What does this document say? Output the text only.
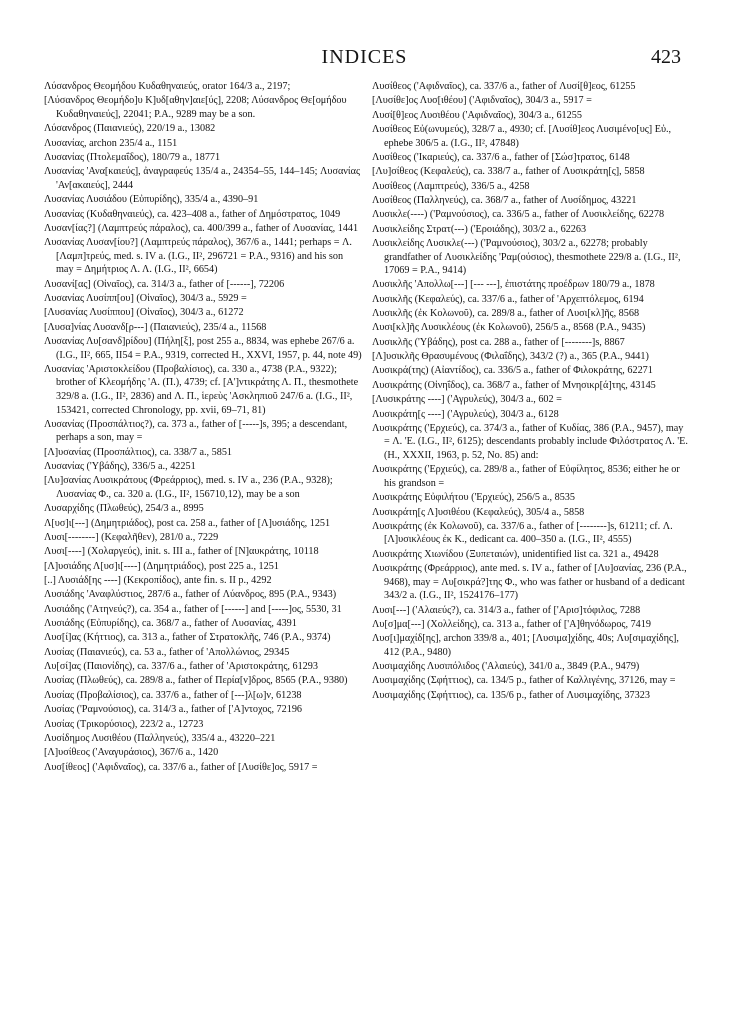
INDICES	423

Λύσανδρος Θεομήδου Κυδαθηναιεύς, orator 164/3 a., 2197;

[Λύσανδρος Θεομήδο]υ Κ]υδ[αθην]αιε[ύς], 2208; Λύσανδρος Θε[ομήδου Κυδαθηναιεύς], 22041; P.A., 9289 may be a son.

Λύσανδρος (Παιανιεύς), 220/19 a., 13082

Λυσανίας, archon 235/4 a., 1151

Λυσανίας (Πτολεμαΐδος), 180/79 a., 18771

Λυσανίας 'Ανα[καιεύς], ἀναγραφεύς 135/4 a., 24354–55, 144–145; Λυσανίας 'Αν[ακαιεύς], 2444

Λυσανίας Λυσιάδου (Εὐπυρίδης), 335/4 a., 4390–91

Λυσανίας (Κυδαθηναιεύς), ca. 423–408 a., father of Δημόστρατος, 1049

Λυσαν[ίας?] (Λαμπτρεύς πάραλος), ca. 400/399 a., father of Λυσανίας, 1441

Λυσανίας Λυσαν[ίου?] (Λαμπτρεύς πάραλος), 367/6 a., 1441; perhaps = Λ. [Λαμπ]τρεύς, med. s. IV a. (I.G., II², 296721 = P.A., 9316) and his son may = Δημήτριος Λ. Λ. (I.G., II², 6654)

Λυσανί[ας] (Οἰναῖος), ca. 314/3 a., father of [------], 72206

Λυσανίας Λυσίππ[ου] (Οἰναῖος), 304/3 a., 5929 =

[Λυσανίας Λυσίππου] (Οἰναῖος), 304/3 a., 61272

[Λυσα]νίας Λυσανδ[ρ---] (Παιανιεύς), 235/4 a., 11568

Λυσανίας Λυ[σανδ]ρίδου] (Πήλη[ξ], post 255 a., 8834, was ephebe 267/6 a. (I.G., II², 665, II54 = P.A., 9319, corrected H., XXVI, 1957, p. 44, note 49)

Λυσανίας 'Αριστοκλείδου (Προβαλίσιος), ca. 330 a., 4738 (P.A., 9322); brother of Κλεομήδης 'Α. (Π.), 4739; cf. [Α']ντικράτης Λ. Π., thesmothete 329/8 a. (I.G., II², 2836) and Λ. Π., ἱερεὺς 'Ασκληπιοῦ 247/6 a. (I.G., II², 153421, corrected Chronology, pp. xvii, 69–71, 81)

Λυσανίας (Προσπάλτιος?), ca. 373 a., father of [-----]s, 395; a descendant, perhaps a son, may =

[Λ]υσανίας (Προσπάλτιος), ca. 338/7 a., 5851

Λυσανίας ('Υβάδης), 336/5 a., 42251

[Λυ]σανίας Λυσικράτους (Φρεάρριος), med. s. IV a., 236 (P.A., 9328); Λυσανίας Φ., ca. 320 a. (I.G., II², 156710,12), may be a son

Λυσαρχίδης (Πλωθεύς), 254/3 a., 8995

Λ[υσ]ι[---] (Δημητριάδος), post ca. 258 a., father of [Λ]υσιάδης, 1251

Λυσι[--------] (Κεφαλῆθεν), 281/0 a., 7229

Λυσι[----] (Χολαργεύς), init. s. III a., father of [Ν]αυκράτης, 10118

[Λ]υσιάδης Λ[υσ]ι[----] (Δημητριάδος), post 225 a., 1251

[..] Λυσιάδ[ης ----] (Κεκροπίδος), ante fin. s. II p., 4292

Λυσιάδης 'Αναφλύστιος, 287/6 a., father of Λύανδρος, 895 (P.A., 9343)

Λυσιάδης ('Ατηνεύς?), ca. 354 a., father of [------] and [-----]ος, 5530, 31

Λυσιάδης (Εὐπυρίδης), ca. 368/7 a., father of Λυσανίας, 4391

Λυσ[ί]ας (Κήττιος), ca. 313 a., father of Στρατοκλῆς, 746 (P.A., 9374)

Λυσίας (Παιανιεύς), ca. 53 a., father of 'Απολλώνιος, 29345

Λυ[σί]ας (Παιονίδης), ca. 337/6 a., father of 'Αριστοκράτης, 61293

Λυσίας (Πλωθεύς), ca. 289/8 a., father of Περία[ν]δρος, 8565 (P.A., 9380)

Λυσίας (Προβαλίσιος), ca. 337/6 a., father of [---]λ[ω]ν, 61238

Λυσίας ('Ραμνούσιος), ca. 314/3 a., father of ['Α]ντοχος, 72196

Λυσίας (Τρικορύσιος), 223/2 a., 12723

Λυσίδημος Λυσιθέου (Παλληνεύς), 335/4 a., 43220–221

[Λ]υσίθεος ('Αναγυράσιος), 367/6 a., 1420

Λυσ[ίθεος] ('Αφιδναῖος), ca. 337/6 a., father of [Λυσίθε]ος, 5917 =

Λυσίθεος ('Αφιδναῖος), ca. 337/6 a., father of Λυσί[θ]εος, 61255

[Λυσίθε]ος Λυσ[ιθέου] ('Αφιδναῖος), 304/3 a., 5917 =

Λυσί[θ]εος Λυσιθέου ('Αφιδναῖος), 304/3 a., 61255

Λυσίθεος Εὐ(ωνυμεύς), 328/7 a., 4930; cf. [Λυσίθ]εος Λυσιμένο[υς] Εὐ., ephebe 306/5 a. (I.G., II², 47848)

Λυσίθεος ('Ικαριεύς), ca. 337/6 a., father of [Σώσ]τρατος, 6148

[Λυ]σίθεος (Κεφαλεύς), ca. 338/7 a., father of Λυσικράτη[ς], 5858

Λυσίθεος (Λαμπτρεύς), 336/5 a., 4258

Λυσίθεος (Παλληνεύς), ca. 368/7 a., father of Λυσίδημος, 43221

Λυσικλε(----) ('Ραμνούσιος), ca. 336/5 a., father of Λυσικλείδης, 62278

Λυσικλείδης Στρατ(---) ('Εροιάδης), 303/2 a., 62263

Λυσικλείδης Λυσικλε(---) ('Ραμνούσιος), 303/2 a., 62278; probably grandfather of Λυσικλείδης 'Ραμ(ούσιος), thesmothete 229/8 a. (I.G., II², 17069 = P.A., 9414)

Λυσικλῆς 'Απολλω[---] [--- ---], ἐπιστάτης προέδρων 180/79 a., 1878

Λυσικλῆς (Κεφαλεύς), ca. 337/6 a., father of 'Αρχεπτόλεμος, 6194

Λυσικλῆς (ἐκ Κολωνοῦ), ca. 289/8 a., father of Λυσι[κλ]ῆς, 8568

Λυσι[κλ]ῆς Λυσικλέους (ἐκ Κολωνοῦ), 256/5 a., 8568 (P.A., 9435)

Λυσικλῆς ('Υβάδης), post ca. 288 a., father of [--------]s, 8867

[Λ]υσικλῆς Θρασυμένους (Φιλαΐδης), 343/2 (?) a., 365 (P.A., 9441)

Λυσικρά(της) (Αἰαντίδος), ca. 336/5 a., father of Φιλοκράτης, 62271

Λυσικράτης (Οἰνηΐδος), ca. 368/7 a., father of Μνησικρ[ά]της, 43145

[Λυσικράτης ----] ('Αγρυλεύς), 304/3 a., 602 =

Λυσικράτη[ς ----] ('Αγρυλεύς), 304/3 a., 6128

Λυσικράτης ('Ερχιεύς), ca. 374/3 a., father of Κυδίας, 386 (P.A., 9457), may = Λ. 'Ε. (I.G., II², 6125); descendants probably include Φιλόστρατος Λ. 'Ε. (H., XXXII, 1963, p. 52, No. 85) and:

Λυσικράτης ('Ερχιεύς), ca. 289/8 a., father of Εὐφίλητος, 8536; either he or his grandson =

Λυσικράτης Εὐφιλήτου ('Ερχιεύς), 256/5 a., 8535

Λυσικράτη[ς Λ]υσιθέου (Κεφαλεύς), 305/4 a., 5858

Λυσικράτης (ἐκ Κολωνοῦ), ca. 337/6 a., father of [--------]s, 61211; cf. Λ. [Λ]υσικλέους ἐκ Κ., dedicant ca. 400–350 a. (I.G., II², 4555)

Λυσικράτης Χιωνίδου (Ξυπεταιών), unidentified list ca. 321 a., 49428

Λυσικράτης (Φρεάρριος), ante med. s. IV a., father of [Λυ]σανίας, 236 (P.A., 9468), may = Λυ[σικρά?]της Φ., who was father or husband of a dedicant 343/2 a. (I.G., II², 1524176–177)

Λυσι[---] ('Αλαιεύς?), ca. 314/3 a., father of ['Αρισ]τόφιλος, 7288

Λυ[σ]μα[---] (Χολλείδης), ca. 313 a., father of ['Α]θηνόδωρος, 7419

Λυσ[ι]μαχίδ[ης], archon 339/8 a., 401; [Λυσιμα]χίδης, 40s; Λυ[σιμαχίδης], 412 (P.A., 9480)

Λυσιμαχίδης Λυσιπόλιδος ('Αλαιεύς), 341/0 a., 3849 (P.A., 9479)

Λυσιμαχίδης (Σφήττιος), ca. 134/5 p., father of Καλλιγένης, 37126, may =

Λυσιμαχίδης (Σφήττιος), ca. 135/6 p., father of Λυσιμαχίδης, 37323
